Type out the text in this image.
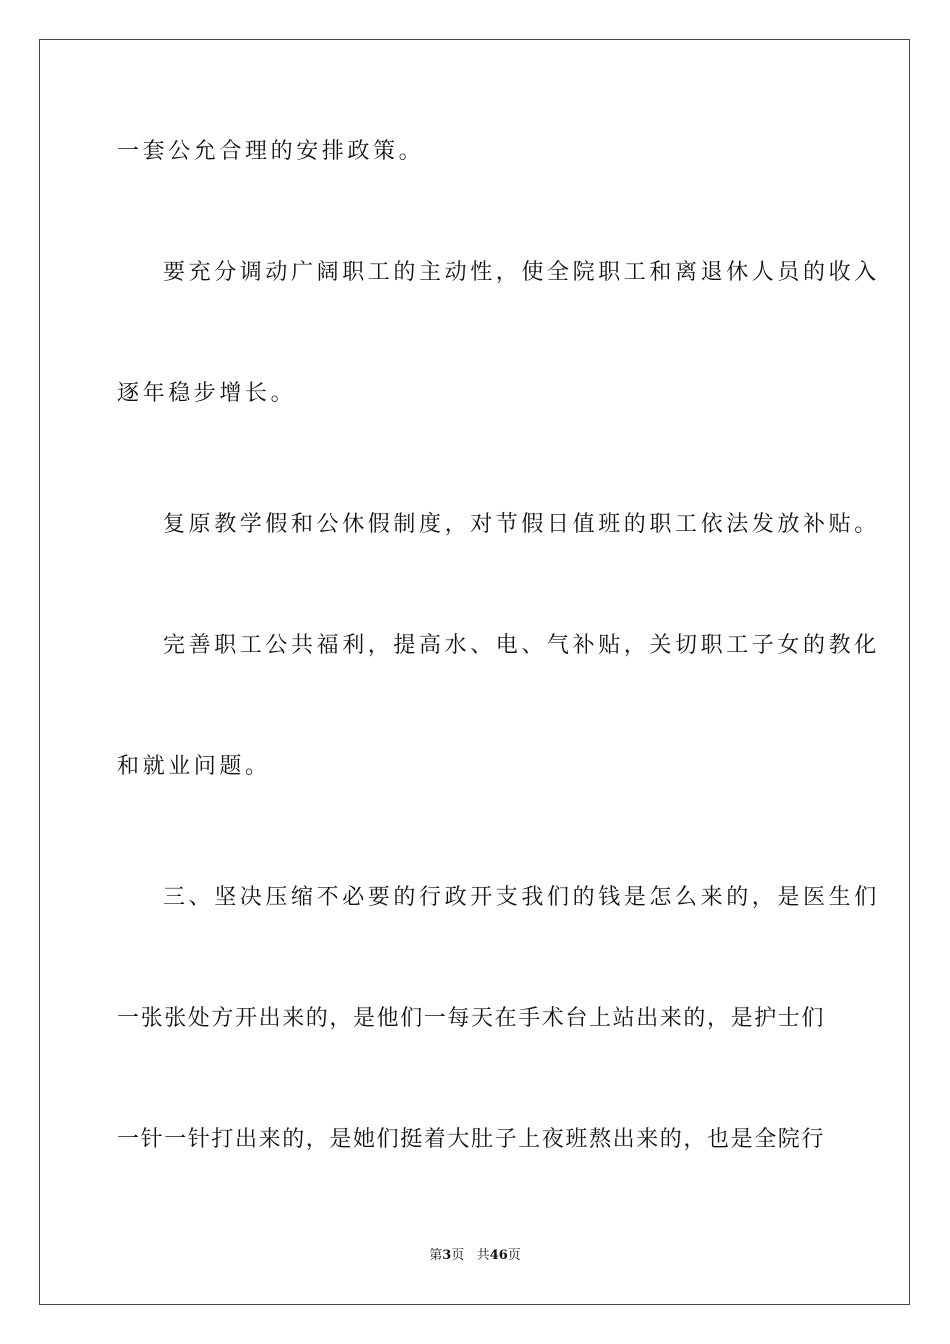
一套公允合理的安排政策。
要充分调动广阔职工的主动性，使全院职工和离退休人员的收入
逐年稳步增长。
复原教学假和公休假制度，对节假日值班的职工依法发放补贴。
完善职工公共福利，提高水、电、气补贴，关切职工子女的教化
和就业问题。
三、坚决压缩不必要的行政开支我们的钱是怎么来的，是医生们
一张张处方开出来的，是他们一每天在手术台上站出来的，是护士们
一针一针打出来的，是她们挺着大肚子上夜班熬出来的，也是全院行
第3页 共46页
